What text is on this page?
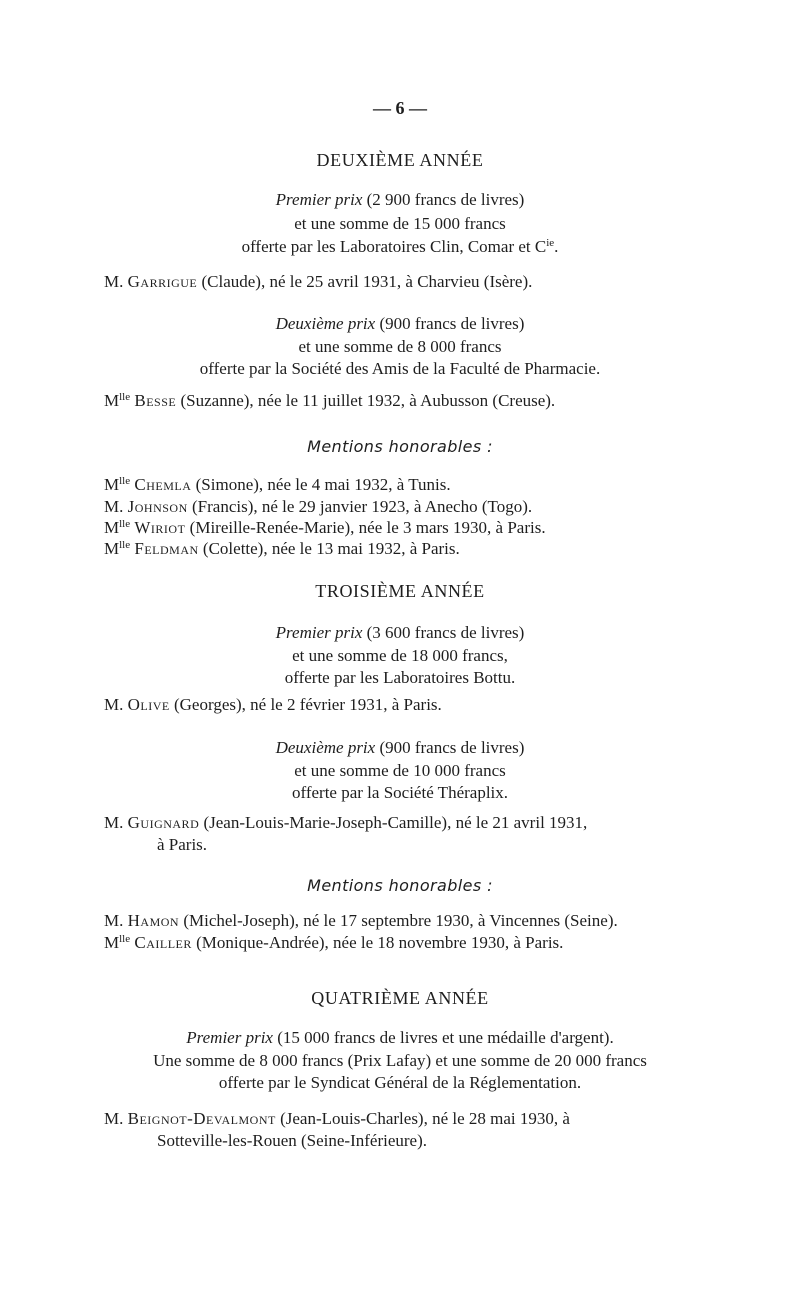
— 6 —
DEUXIÈME ANNÉE
Premier prix (2 900 francs de livres)
et une somme de 15 000 francs
offerte par les Laboratoires Clin, Comar et $C^{ie}$.
M. Garrigue (Claude), né le 25 avril 1931, à Charvieu (Isère).
Deuxième prix (900 francs de livres)
et une somme de 8 000 francs
offerte par la Société des Amis de la Faculté de Pharmacie.
$M^{lle}$ Besse (Suzanne), née le 11 juillet 1932, à Aubusson (Creuse).
Mentions honorables :
$M^{lle}$ Chemla (Simone), née le 4 mai 1932, à Tunis.
M. Johnson (Francis), né le 29 janvier 1923, à Anecho (Togo).
$M^{lle}$ Wiriot (Mireille-Renée-Marie), née le 3 mars 1930, à Paris.
$M^{lle}$ Feldman (Colette), née le 13 mai 1932, à Paris.
TROISIÈME ANNÉE
Premier prix (3 600 francs de livres)
et une somme de 18 000 francs,
offerte par les Laboratoires Bottu.
M. Olive (Georges), né le 2 février 1931, à Paris.
Deuxième prix (900 francs de livres)
et une somme de 10 000 francs
offerte par la Société Théraplix.
M. Guignard (Jean-Louis-Marie-Joseph-Camille), né le 21 avril 1931,
à Paris.
Mentions honorables :
M. Hamon (Michel-Joseph), né le 17 septembre 1930, à Vincennes (Seine).
$M^{lle}$ Cailler (Monique-Andrée), née le 18 novembre 1930, à Paris.
QUATRIÈME ANNÉE
Premier prix (15 000 francs de livres et une médaille d'argent).
Une somme de 8 000 francs (Prix Lafay) et une somme de 20 000 francs
offerte par le Syndicat Général de la Réglementation.
M. Beignot-Devalmont (Jean-Louis-Charles), né le 28 mai 1930, à
Sotteville-les-Rouen (Seine-Inférieure).
